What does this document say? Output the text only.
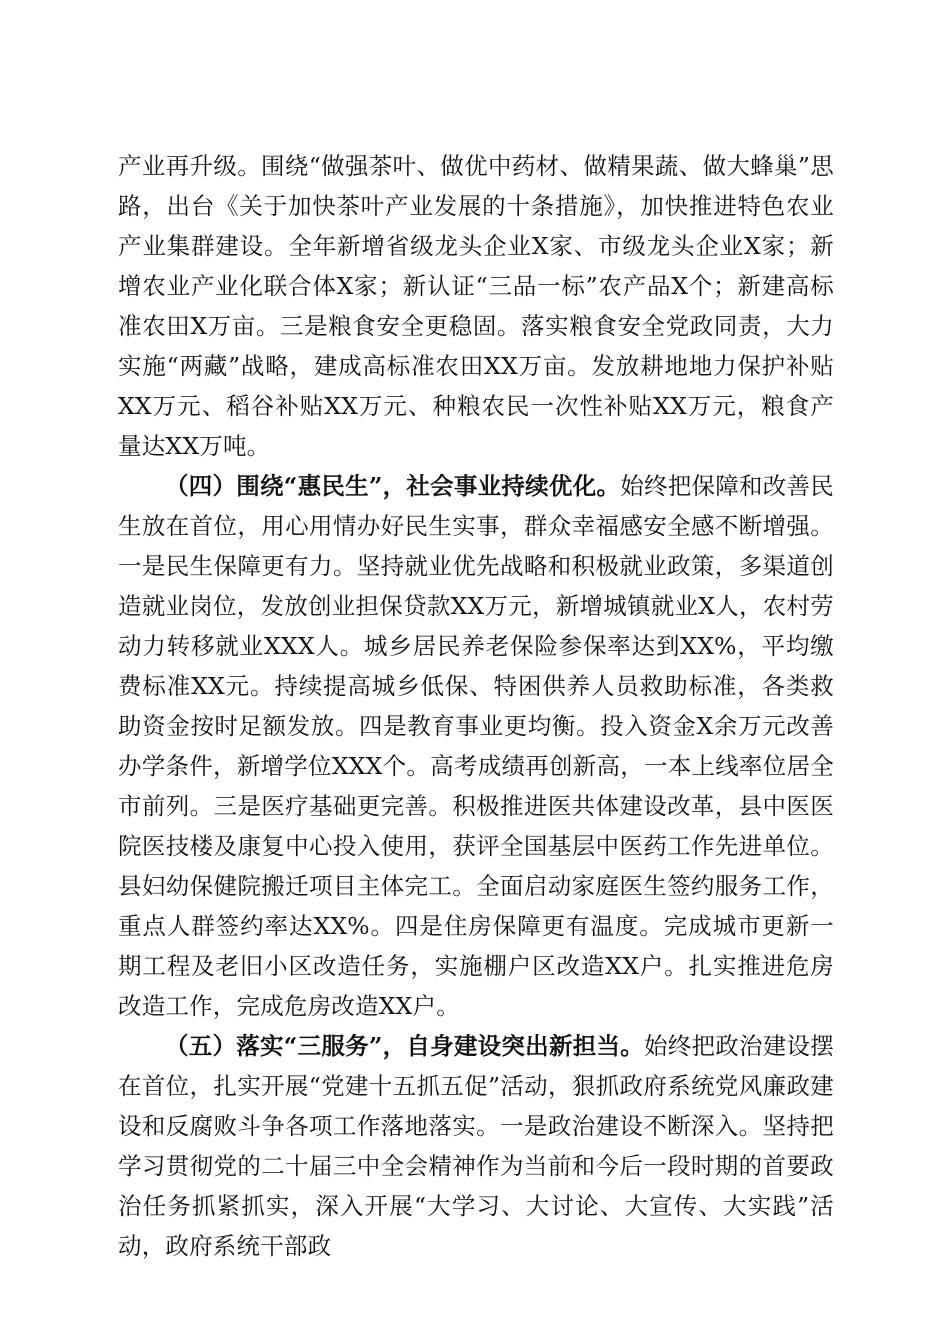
产业再升级。围绕“做强茶叶、做优中药材、做精果蔬、做大蜂巢”思路，出台《关于加快茶叶产业发展的十条措施》，加快推进特色农业产业集群建设。全年新增省级龙头企业X家、市级龙头企业X家；新增农业产业化联合体X家；新认证“三品一标”农产品X个；新建高标准农田X万亩。三是粮食安全更稳固。落实粮食安全党政同责，大力实施“两藏”战略，建成高标准农田XX万亩。发放耕地地力保护补贴XX万元、稻谷补贴XX万元、种粮农民一次性补贴XX万元，粮食产量达XX万吨。

（四）围绕“惠民生”，社会事业持续优化。始终把保障和改善民生放在首位，用心用情办好民生实事，群众幸福感安全感不断增强。一是民生保障更有力。坚持就业优先战略和积极就业政策，多渠道创造就业岗位，发放创业担保贷款XX万元，新增城镇就业X人，农村劳动力转移就业XXX人。城乡居民养老保险参保率达到XX%，平均缴费标准XX元。持续提高城乡低保、特困供养人员救助标准，各类救助资金按时足额发放。四是教育事业更均衡。投入资金X余万元改善办学条件，新增学位XXX个。高考成绩再创新高，一本上线率位居全市前列。三是医疗基础更完善。积极推进医共体建设改革，县中医医院医技楼及康复中心投入使用，获评全国基层中医药工作先进单位。县妇幼保健院搬迁项目主体完工。全面启动家庭医生签约服务工作，重点人群签约率达XX%。四是住房保障更有温度。完成城市更新一期工程及老旧小区改造任务，实施棚户区改造XX户。扎实推进危房改造工作，完成危房改造XX户。

（五）落实“三服务”，自身建设突出新担当。始终把政治建设摆在首位，扎实开展“党建十五抓五促”活动，狠抓政府系统党风廉政建设和反腐败斗争各项工作落地落实。一是政治建设不断深入。坚持把学习贯彻党的二十届三中全会精神作为当前和今后一段时期的首要政治任务抓紧抓实，深入开展“大学习、大讨论、大宣传、大实践”活动，政府系统干部政
